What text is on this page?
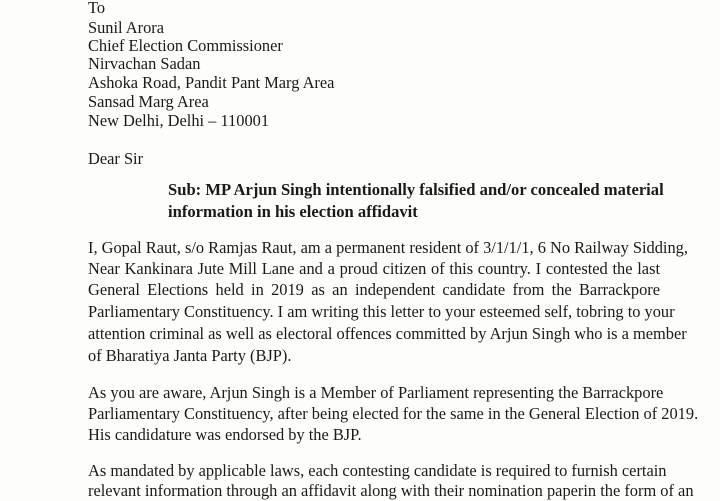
To
Sunil Arora
Chief Election Commissioner
Nirvachan Sadan
Ashoka Road, Pandit Pant Marg Area
Sansad Marg Area
New Delhi, Delhi – 110001
Dear Sir
Sub: MP Arjun Singh intentionally falsified and/or concealed material
information in his election affidavit
I, Gopal Raut, s/o Ramjas Raut, am a permanent resident of 3/1/1/1, 6 No Railway Sidding,
Near Kankinara Jute Mill Lane and a proud citizen of this country. I contested the last
General Elections held in 2019 as an independent candidate from the Barrackpore
Parliamentary Constituency. I am writing this letter to your esteemed self, tobring to your
attention criminal as well as electoral offences committed by Arjun Singh who is a member
of Bharatiya Janta Party (BJP).
As you are aware, Arjun Singh is a Member of Parliament representing the Barrackpore
Parliamentary Constituency, after being elected for the same in the General Election of 2019.
His candidature was endorsed by the BJP.
As mandated by applicable laws, each contesting candidate is required to furnish certain
relevant information through an affidavit along with their nomination paperin the form of an
